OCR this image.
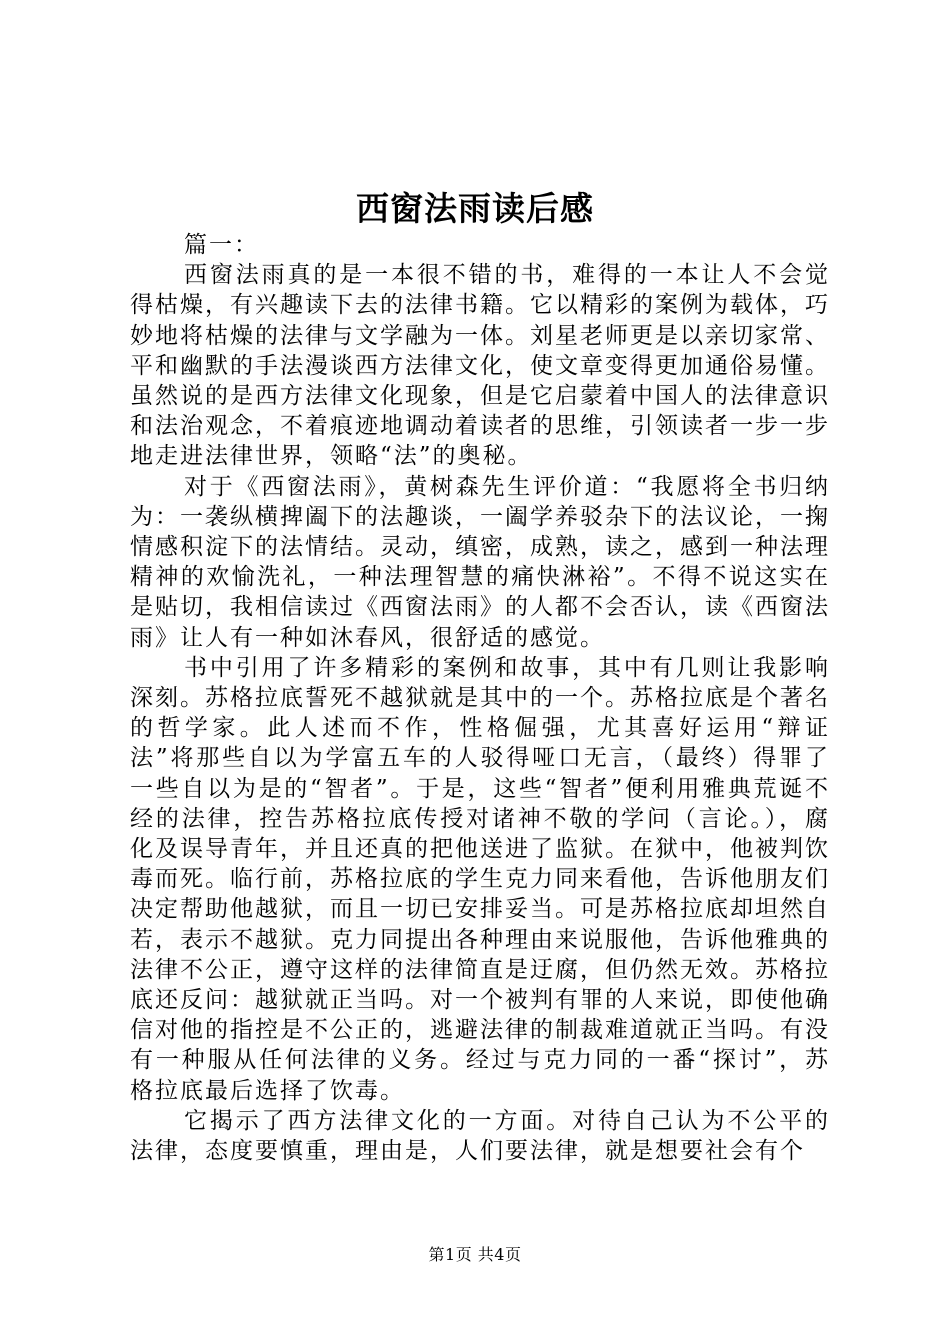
西窗法雨读后感

篇一：

西窗法雨真的是一本很不错的书，难得的一本让人不会觉得枯燥，有兴趣读下去的法律书籍。它以精彩的案例为载体，巧妙地将枯燥的法律与文学融为一体。刘星老师更是以亲切家常、平和幽默的手法漫谈西方法律文化，使文章变得更加通俗易懂。虽然说的是西方法律文化现象，但是它启蒙着中国人的法律意识和法治观念，不着痕迹地调动着读者的思维，引领读者一步一步地走进法律世界，领略“法”的奥秘。

对于《西窗法雨》，黄树森先生评价道：“我愿将全书归纳为：一袭纵横捭阖下的法趣谈，一阖学养驳杂下的法议论，一掬情感积淀下的法情结。灵动，缜密，成熟，读之，感到一种法理精神的欢愉洗礼，一种法理智慧的痛快淋裕”。不得不说这实在是贴切，我相信读过《西窗法雨》的人都不会否认，读《西窗法雨》让人有一种如沐春风，很舒适的感觉。

书中引用了许多精彩的案例和故事，其中有几则让我影响深刻。苏格拉底誓死不越狱就是其中的一个。苏格拉底是个著名的哲学家。此人述而不作，性格倔强，尤其喜好运用“辩证法”将那些自以为学富五车的人驳得哑口无言，（最终）得罪了一些自以为是的“智者”。于是，这些“智者”便利用雅典荒诞不经的法律，控告苏格拉底传授对诸神不敬的学问（言论。），腐化及误导青年，并且还真的把他送进了监狱。在狱中，他被判饮毒而死。临行前，苏格拉底的学生克力同来看他，告诉他朋友们决定帮助他越狱，而且一切已安排妥当。可是苏格拉底却坦然自若，表示不越狱。克力同提出各种理由来说服他，告诉他雅典的法律不公正，遵守这样的法律简直是迂腐，但仍然无效。苏格拉底还反问：越狱就正当吗。对一个被判有罪的人来说，即使他确信对他的指控是不公正的，逃避法律的制裁难道就正当吗。有没有一种服从任何法律的义务。经过与克力同的一番“探讨”，苏格拉底最后选择了饮毒。

它揭示了西方法律文化的一方面。对待自己认为不公平的法律，态度要慎重，理由是，人们要法律，就是想要社会有个

第1页 共4页
